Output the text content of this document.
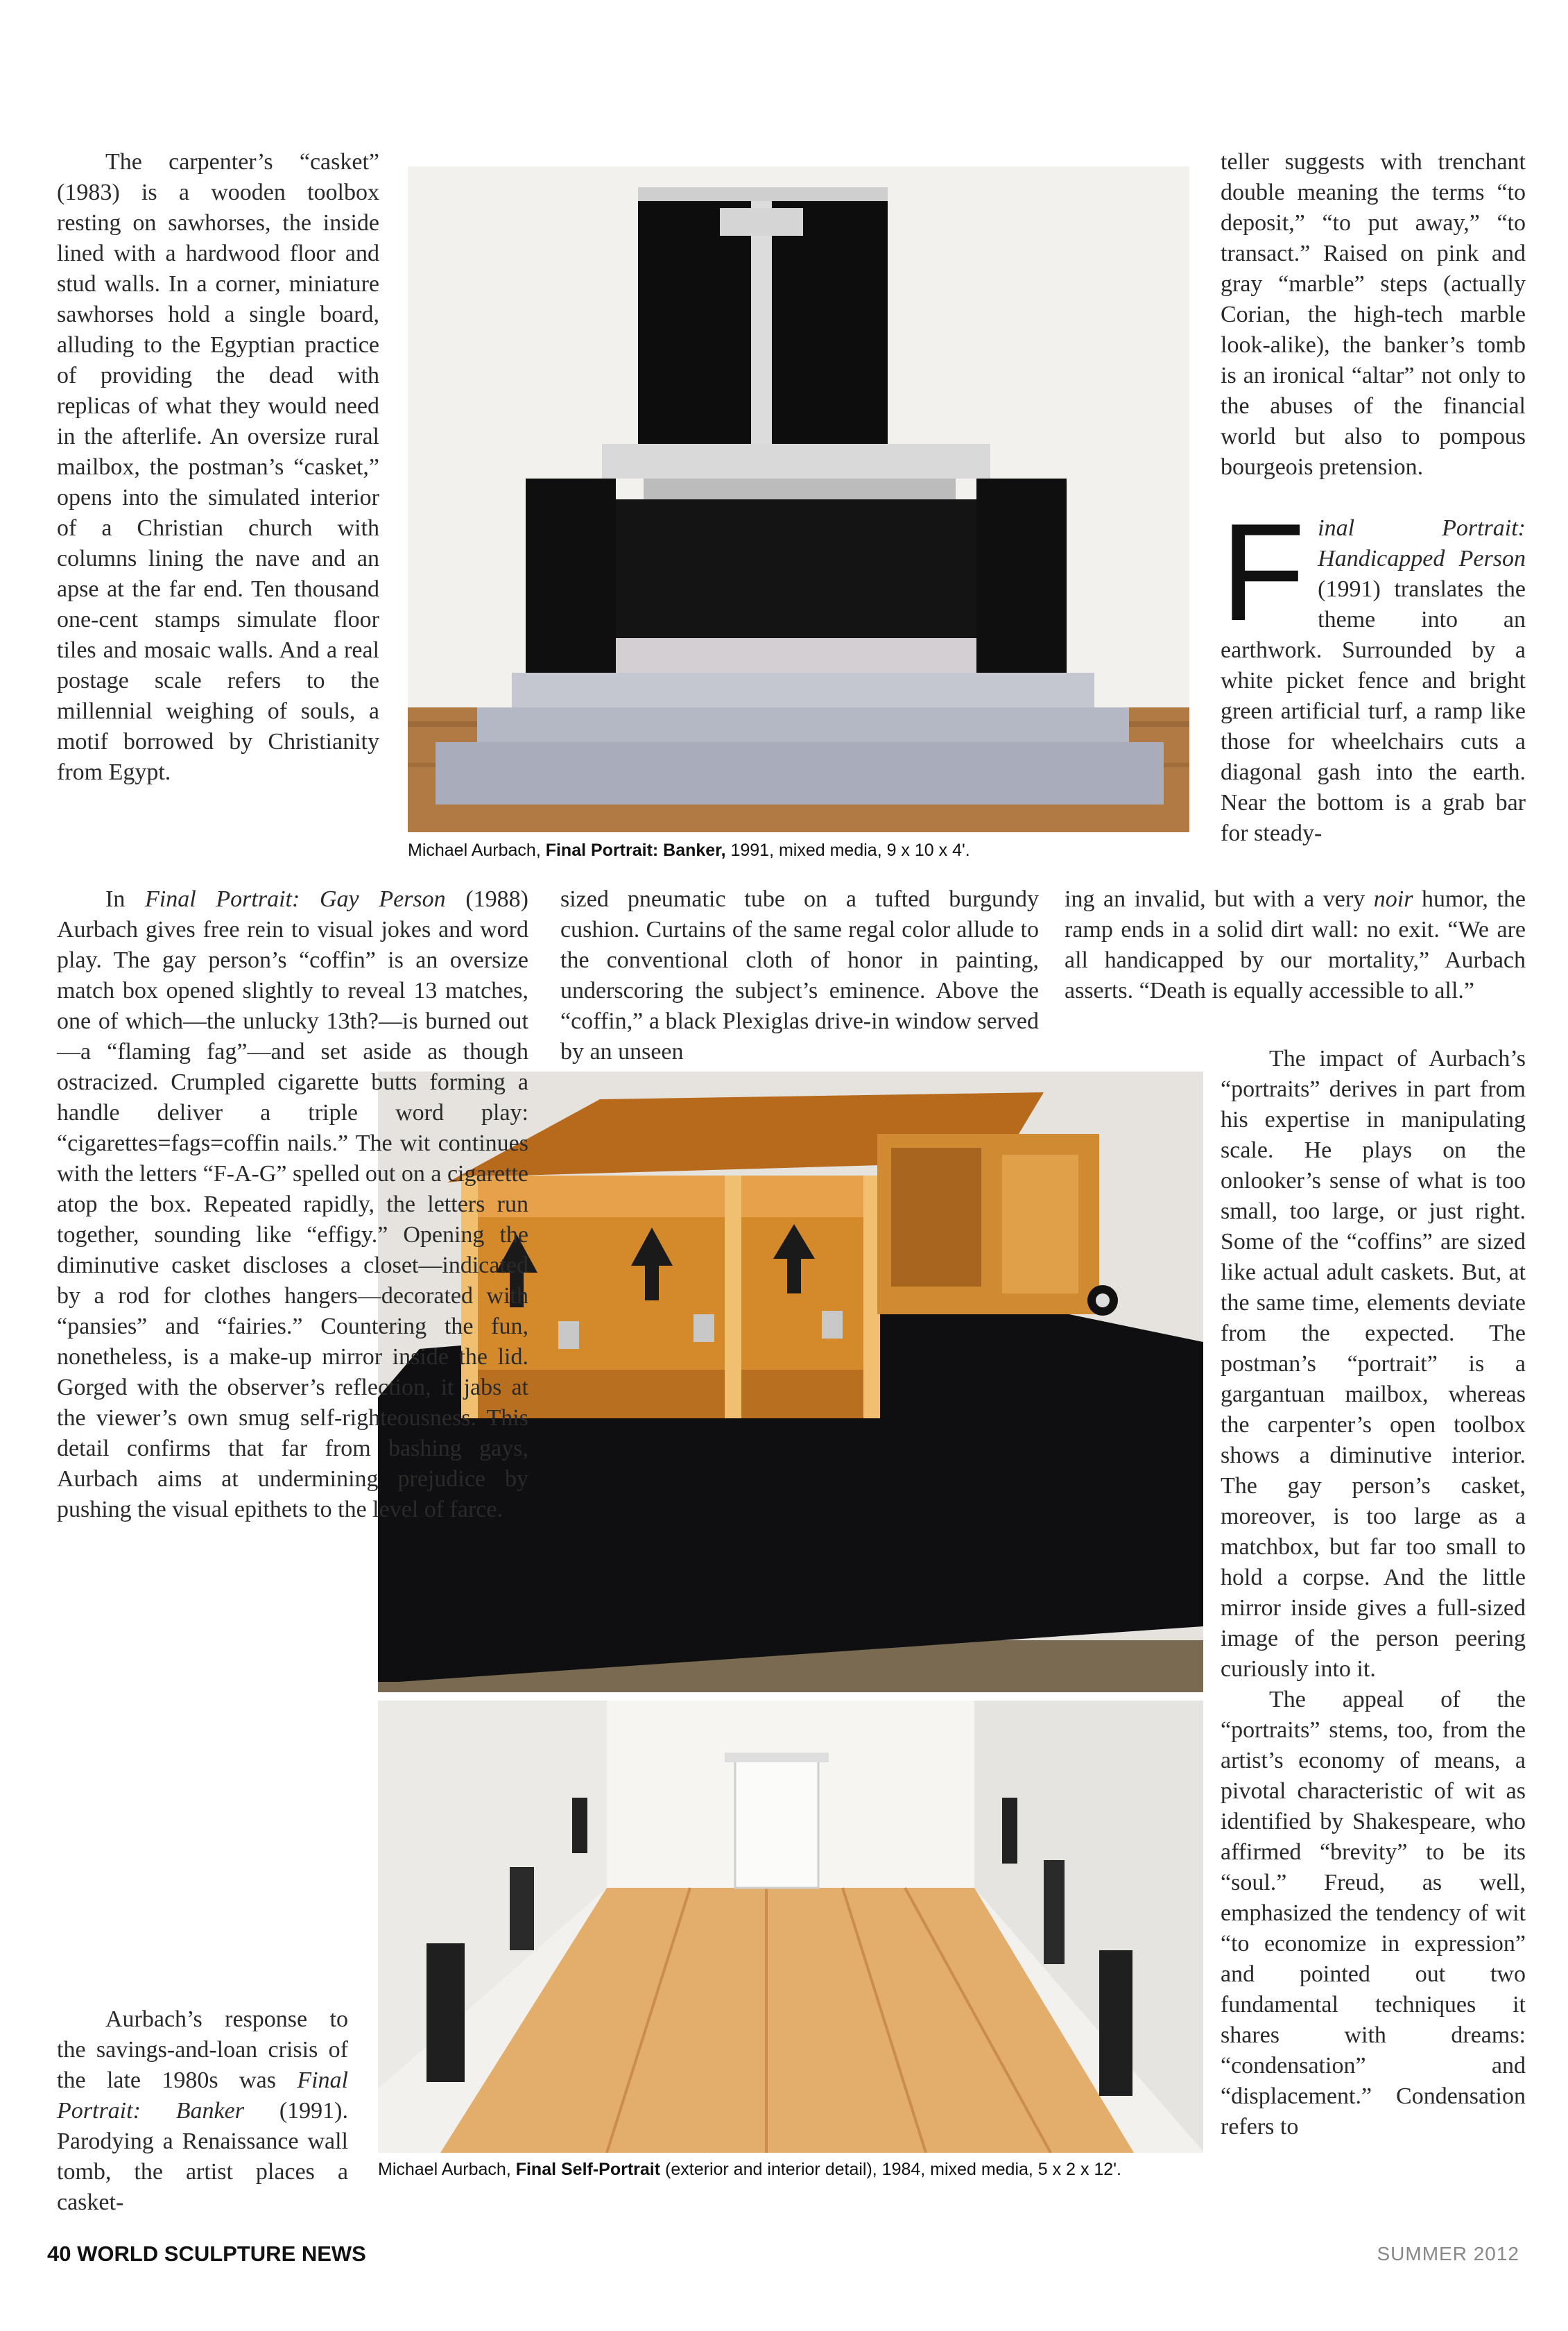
Michael Aurbach, Final Portrait: Banker, 1991, mixed media, 9 x 10 x 4'.
Michael Aurbach, Final Self-Portrait (exterior and interior detail), 1984, mixed media, 5 x 2 x 12'.

The carpenter’s “casket” (1983) is a wooden toolbox resting on sawhorses, the inside lined with a hardwood floor and stud walls. In a corner, miniature sawhorses hold a single board, alluding to the Egyptian practice of providing the dead with replicas of what they would need in the afterlife. An oversize rural mailbox, the postman’s “casket,” opens into the simulated interior of a Christian church with columns lining the nave and an apse at the far end. Ten thousand one-cent stamps simulate floor tiles and mosaic walls. And a real postage scale refers to the millennial weighing of souls, a motif borrowed by Christianity from Egypt.

In Final Portrait: Gay Person (1988) Aurbach gives free rein to visual jokes and word play. The gay person’s “coffin” is an oversize match box opened slightly to reveal 13 matches, one of which—the unlucky 13th?—is burned out—a “flaming fag”—and set aside as though ostracized. Crumpled cigarette butts forming a handle deliver a triple word play: “cigarettes=fags=coffin nails.” The wit continues with the letters “F-A-G” spelled out on a cigarette atop the box. Repeated rapidly, the letters run together, sounding like “effigy.” Opening the diminutive casket discloses a closet—indicated by a rod for clothes hangers—decorated with “pansies” and “fairies.” Countering the fun, nonetheless, is a make-up mirror inside the lid. Gorged with the observer’s reflection, it jabs at the viewer’s own smug self-righteousness. This detail confirms that far from bashing gays, Aurbach aims at undermining prejudice by pushing the visual epithets to the level of farce.

Aurbach’s response to the savings-and-loan crisis of the late 1980s was Final Portrait: Banker (1991). Parodying a Renaissance wall tomb, the artist places a casket-

sized pneumatic tube on a tufted burgundy cushion. Curtains of the same regal color allude to the conventional cloth of honor in painting, underscoring the subject’s eminence. Above the “coffin,” a black Plexiglas drive-in window served by an unseen

teller suggests with trenchant double meaning the terms “to deposit,” “to put away,” “to transact.” Raised on pink and gray “marble” steps (actually Corian, the high-tech marble look-alike), the banker’s tomb is an ironical “altar” not only to the abuses of the financial world but also to pompous bourgeois pretension.

Final Portrait: Handicapped Person (1991) translates the theme into an earthwork. Surrounded by a white picket fence and bright green artificial turf, a ramp like those for wheelchairs cuts a diagonal gash into the earth. Near the bottom is a grab bar for steady-

ing an invalid, but with a very noir humor, the ramp ends in a solid dirt wall: no exit. “We are all handicapped by our mortality,” Aurbach asserts. “Death is equally accessible to all.”

The impact of Aurbach’s “portraits” derives in part from his expertise in manipulating scale. He plays on the onlooker’s sense of what is too small, too large, or just right. Some of the “coffins” are sized like actual adult caskets. But, at the same time, elements deviate from the expected. The postman’s “portrait” is a gargantuan mailbox, whereas the carpenter’s open toolbox shows a diminutive interior. The gay person’s casket, moreover, is too large as a matchbox, but far too small to hold a corpse. And the little mirror inside gives a full-sized image of the person peering curiously into it.

The appeal of the “portraits” stems, too, from the artist’s economy of means, a pivotal characteristic of wit as identified by Shakespeare, who affirmed “brevity” to be its “soul.” Freud, as well, emphasized the tendency of wit “to economize in expression” and pointed out two fundamental techniques it shares with dreams: “condensation” and “displacement.” Condensation refers to

40 WORLD SCULPTURE NEWS	SUMMER 2012
